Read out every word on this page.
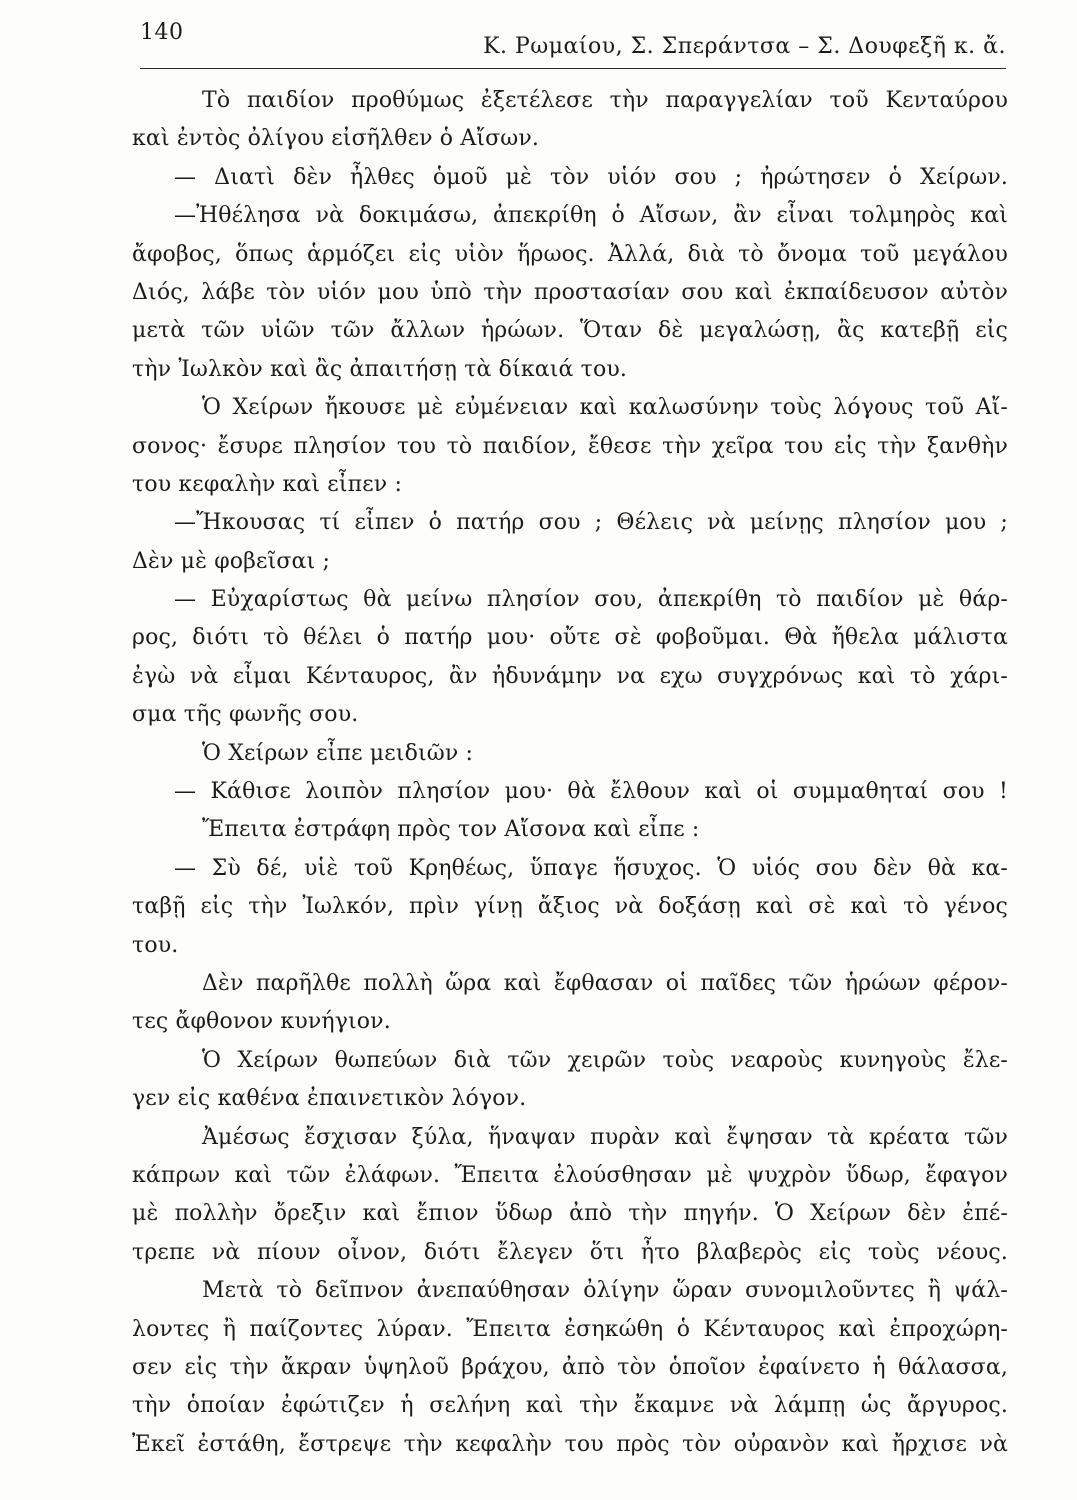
140
Κ. Ρωμαίου, Σ. Σπεράντσα – Σ. Δουφεξῆ κ. ἄ.
Τὸ παιδίον προθύμως ἐξετέλεσε τὴν παραγγελίαν τοῦ Κενταύρου
καὶ ἐντὸς ὀλίγου εἰσῆλθεν ὁ Αἴσων.
— Διατὶ δὲν ἦλθες ὁμοῦ μὲ τὸν υἱόν σου ; ἠρώτησεν ὁ Χείρων.
—Ἠθέλησα νὰ δοκιμάσω, ἀπεκρίθη ὁ Αἴσων, ἂν εἶναι τολμηρὸς καὶ
ἄφοβος, ὅπως ἁρμόζει εἰς υἱὸν ἥρωος. Ἀλλά, διὰ τὸ ὄνομα τοῦ μεγάλου
Διός, λάβε τὸν υἱόν μου ὑπὸ τὴν προστασίαν σου καὶ ἐκπαίδευσον αὐτὸν
μετὰ τῶν υἱῶν τῶν ἄλλων ἡρώων. Ὅταν δὲ μεγαλώσῃ, ἂς κατεβῇ εἰς
τὴν Ἰωλκὸν καὶ ἂς ἀπαιτήσῃ τὰ δίκαιά του.
Ὁ Χείρων ἤκουσε μὲ εὐμένειαν καὶ καλωσύνην τοὺς λόγους τοῦ Αἴ-
σονος· ἔσυρε πλησίον του τὸ παιδίον, ἔθεσε τὴν χεῖρα του εἰς τὴν ξανθὴν
του κεφαλὴν καὶ εἶπεν :
—Ἤκουσας τί εἶπεν ὁ πατήρ σου ; Θέλεις νὰ μείνῃς πλησίον μου ;
Δὲν μὲ φοβεῖσαι ;
— Εὐχαρίστως θὰ μείνω πλησίον σου, ἀπεκρίθη τὸ παιδίον μὲ θάρ-
ρος, διότι τὸ θέλει ὁ πατήρ μου· οὔτε σὲ φοβοῦμαι. Θὰ ἤθελα μάλιστα
ἐγὼ νὰ εἶμαι Κένταυρος, ἂν ἠδυνάμην να εχω συγχρόνως καὶ τὸ χάρι-
σμα τῆς φωνῆς σου.
Ὁ Χείρων εἶπε μειδιῶν :
— Κάθισε λοιπὸν πλησίον μου· θὰ ἔλθουν καὶ οἱ συμμαθηταί σου !
Ἔπειτα ἐστράφη πρὸς τον Αἴσονα καὶ εἶπε :
— Σὺ δέ, υἱὲ τοῦ Κρηθέως, ὕπαγε ἥσυχος. Ὁ υἱός σου δὲν θὰ κα-
ταβῇ εἰς τὴν Ἰωλκόν, πρὶν γίνῃ ἄξιος νὰ δοξάσῃ καὶ σὲ καὶ τὸ γένος
του.
Δὲν παρῆλθε πολλὴ ὥρα καὶ ἔφθασαν οἱ παῖδες τῶν ἡρώων φέρον-
τες ἄφθονον κυνήγιον.
Ὁ Χείρων θωπεύων διὰ τῶν χειρῶν τοὺς νεαροὺς κυνηγοὺς ἔλε-
γεν εἰς καθένα ἐπαινετικὸν λόγον.
Ἀμέσως ἔσχισαν ξύλα, ἥναψαν πυρὰν καὶ ἔψησαν τὰ κρέατα τῶν
κάπρων καὶ τῶν ἐλάφων. Ἔπειτα ἐλούσθησαν μὲ ψυχρὸν ὕδωρ, ἔφαγον
μὲ πολλὴν ὄρεξιν καὶ ἔπιον ὕδωρ ἀπὸ τὴν πηγήν. Ὁ Χείρων δὲν ἐπέ-
τρεπε νὰ πίουν οἶνον, διότι ἔλεγεν ὅτι ἦτο βλαβερὸς εἰς τοὺς νέους.
Μετὰ τὸ δεῖπνον ἀνεπαύθησαν ὀλίγην ὥραν συνομιλοῦντες ἢ ψάλ-
λοντες ἢ παίζοντες λύραν. Ἔπειτα ἐσηκώθη ὁ Κένταυρος καὶ ἐπροχώρη-
σεν εἰς τὴν ἄκραν ὑψηλοῦ βράχου, ἀπὸ τὸν ὁποῖον ἐφαίνετο ἡ θάλασσα,
τὴν ὁποίαν ἐφώτιζεν ἡ σελήνη καὶ τὴν ἔκαμνε νὰ λάμπῃ ὡς ἄργυρος.
Ἐκεῖ ἐστάθη, ἔστρεψε τὴν κεφαλὴν του πρὸς τὸν οὐρανὸν καὶ ἤρχισε νὰ
